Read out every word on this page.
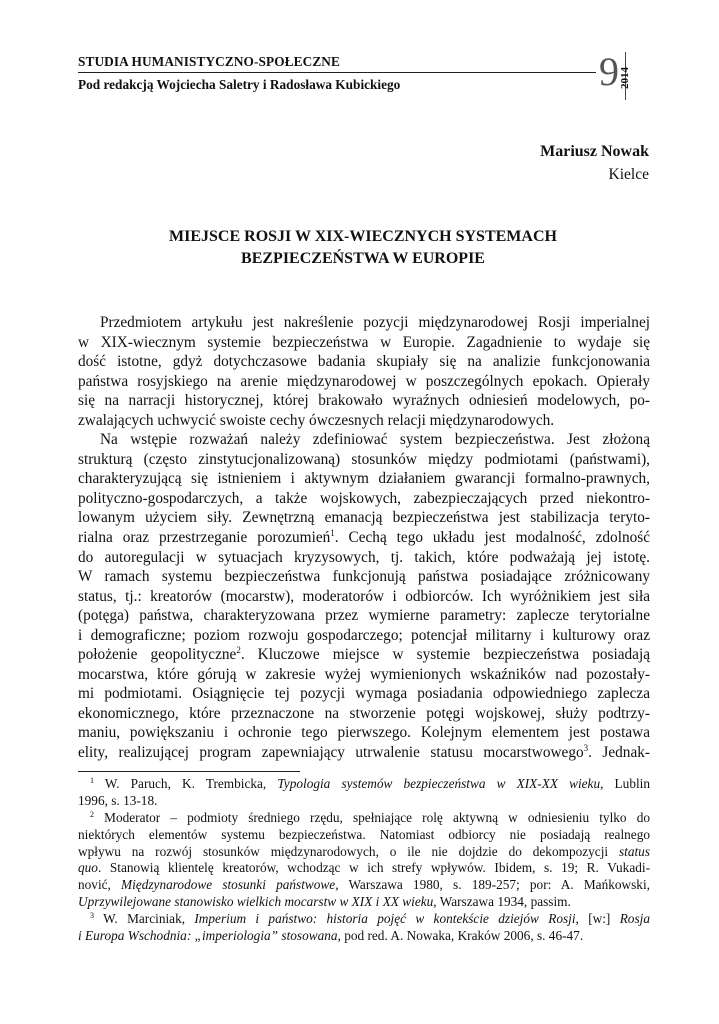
STUDIA HUMANISTYCZNO-SPOŁECZNE
Pod redakcją Wojciecha Saletry i Radosława Kubickiego	9 2014
Mariusz Nowak
Kielce
MIEJSCE ROSJI W XIX-WIECZNYCH SYSTEMACH
BEZPIECZEŃSTWA W EUROPIE
Przedmiotem artykułu jest nakreślenie pozycji międzynarodowej Rosji imperialnej
w XIX-wiecznym systemie bezpieczeństwa w Europie. Zagadnienie to wydaje się
dość istotne, gdyż dotychczasowe badania skupiały się na analizie funkcjonowania
państwa rosyjskiego na arenie międzynarodowej w poszczególnych epokach. Opierały
się na narracji historycznej, której brakowało wyraźnych odniesień modelowych, po-
zwalających uchwycić swoiste cechy ówczesnych relacji międzynarodowych.
Na wstępie rozważań należy zdefiniować system bezpieczeństwa. Jest złożoną
strukturą (często zinstytucjonalizowaną) stosunków między podmiotami (państwami),
charakteryzującą się istnieniem i aktywnym działaniem gwarancji formalno-prawnych,
polityczno-gospodarczych, a także wojskowych, zabezpieczających przed niekontro-
lowanym użyciem siły. Zewnętrzną emanacją bezpieczeństwa jest stabilizacja teryto-
rialna oraz przestrzeganie porozumień$^1$. Cechą tego układu jest modalność, zdolność
do autoregulacji w sytuacjach kryzysowych, tj. takich, które podważają jej istotę.
W ramach systemu bezpieczeństwa funkcjonują państwa posiadające zróżnicowany
status, tj.: kreatorów (mocarstw), moderatorów i odbiorców. Ich wyróżnikiem jest siła
(potęga) państwa, charakteryzowana przez wymierne parametry: zaplecze terytorialne
i demograficzne; poziom rozwoju gospodarczego; potencjał militarny i kulturowy oraz
położenie geopolityczne$^2$. Kluczowe miejsce w systemie bezpieczeństwa posiadają
mocarstwa, które górują w zakresie wyżej wymienionych wskaźników nad pozostały-
mi podmiotami. Osiągnięcie tej pozycji wymaga posiadania odpowiedniego zaplecza
ekonomicznego, które przeznaczone na stworzenie potęgi wojskowej, służy podtrzy-
maniu, powiększaniu i ochronie tego pierwszego. Kolejnym elementem jest postawa
elity, realizującej program zapewniający utrwalenie statusu mocarstwowego$^3$. Jednak-
$^1$ W. Paruch, K. Trembicka, Typologia systemów bezpieczeństwa w XIX-XX wieku, Lublin
1996, s. 13-18.
$^2$ Moderator – podmioty średniego rzędu, spełniające rolę aktywną w odniesieniu tylko do
niektórych elementów systemu bezpieczeństwa. Natomiast odbiorcy nie posiadają realnego
wpływu na rozwój stosunków międzynarodowych, o ile nie dojdzie do dekompozycji status
quo. Stanowią klientelę kreatorów, wchodząc w ich strefy wpływów. Ibidem, s. 19; R. Vukadi-
nović, Międzynarodowe stosunki państwowe, Warszawa 1980, s. 189-257; por: A. Mańkowski,
Uprzywilejowane stanowisko wielkich mocarstw w XIX i XX wieku, Warszawa 1934, passim.
$^3$ W. Marciniak, Imperium i państwo: historia pojęć w kontekście dziejów Rosji, [w:] Rosja
i Europa Wschodnia: „imperiologia” stosowana, pod red. A. Nowaka, Kraków 2006, s. 46-47.
